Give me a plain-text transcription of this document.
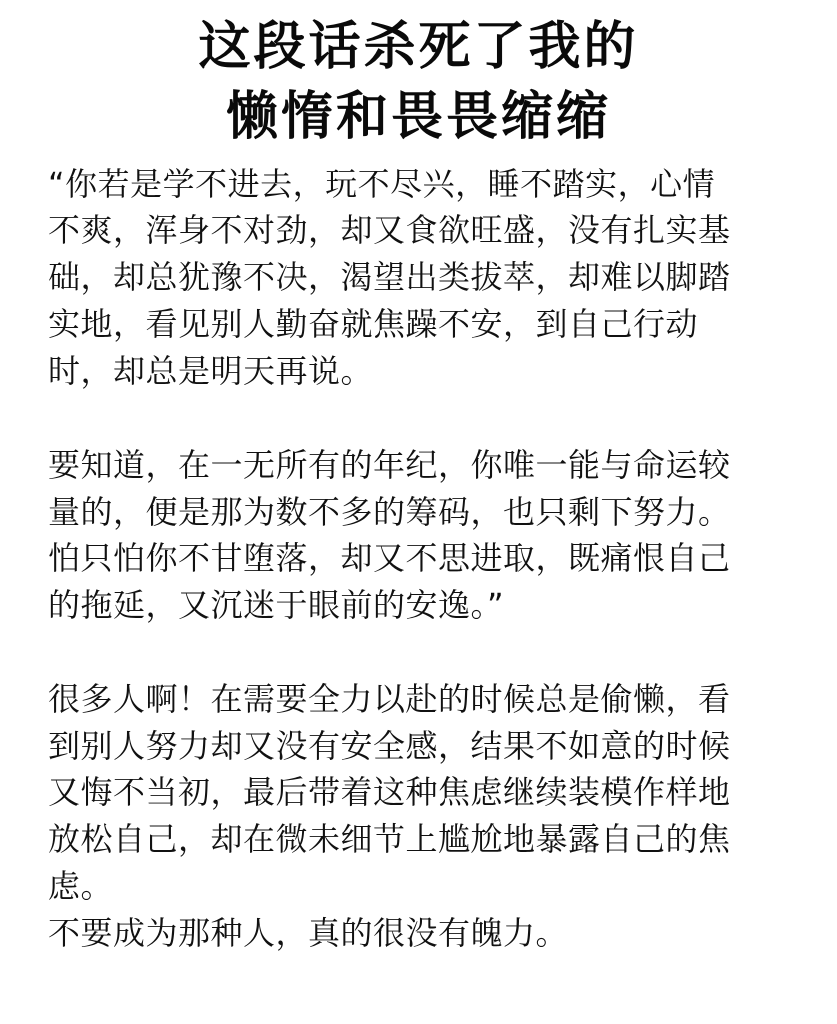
这段话杀死了我的
懒惰和畏畏缩缩
“你若是学不进去，玩不尽兴，睡不踏实，心情
不爽，浑身不对劲，却又食欲旺盛，没有扎实基
础，却总犹豫不决，渴望出类拔萃，却难以脚踏
实地，看见别人勤奋就焦躁不安，到自己行动
时，却总是明天再说。
要知道，在一无所有的年纪，你唯一能与命运较
量的，便是那为数不多的筹码，也只剩下努力。
怕只怕你不甘堕落，却又不思进取，既痛恨自己
的拖延，又沉迷于眼前的安逸。”
很多人啊！在需要全力以赴的时候总是偷懒，看
到别人努力却又没有安全感，结果不如意的时候
又悔不当初，最后带着这种焦虑继续装模作样地
放松自己，却在微未细节上尴尬地暴露自己的焦
虑。
不要成为那种人，真的很没有魄力。
